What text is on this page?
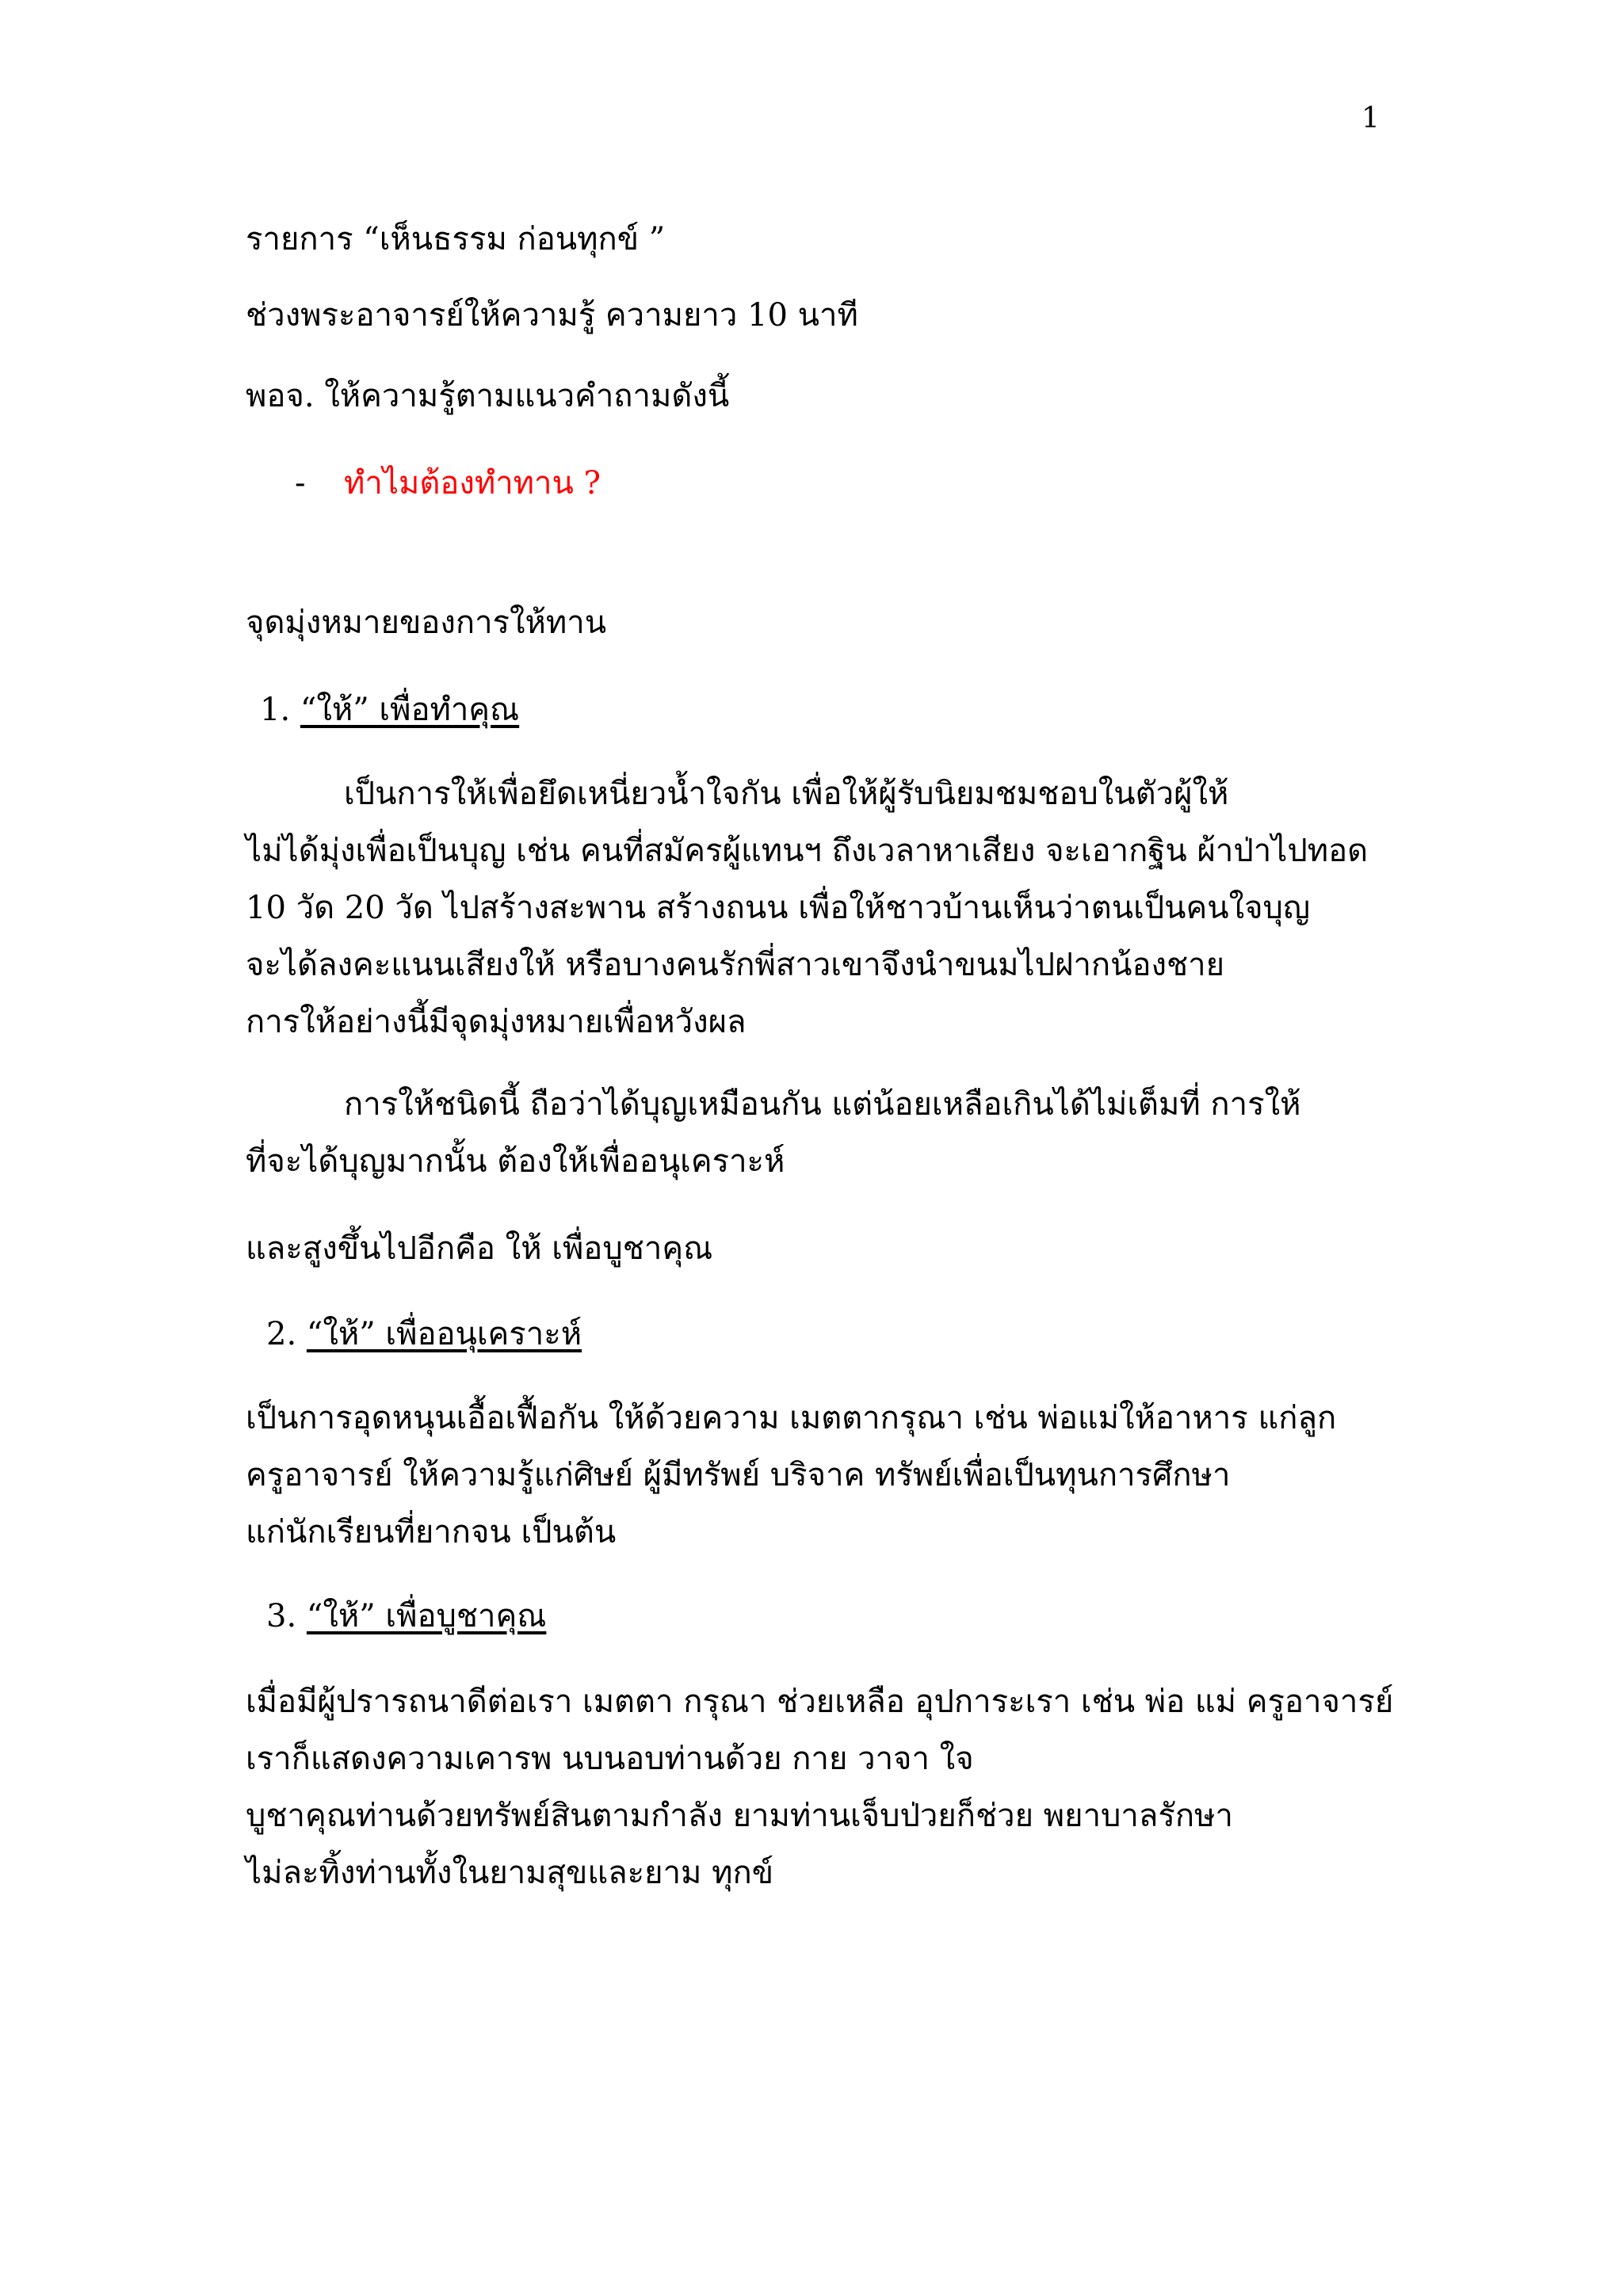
1
รายการ “เห็นธรรม ก่อนทุกข์ ”
ช่วงพระอาจารย์ให้ความรู้ ความยาว 10 นาที
พอจ. ให้ความรู้ตามแนวคำถามดังนี้
- ทำไมต้องทำทาน ?
จุดมุ่งหมายของการให้ทาน
1. “ให้” เพื่อทำคุณ
เป็นการให้เพื่อยึดเหนี่ยวน้ำใจกัน เพื่อให้ผู้รับนิยมชมชอบในตัวผู้ให้
ไม่ได้มุ่งเพื่อเป็นบุญ เช่น คนที่สมัครผู้แทนฯ ถึงเวลาหาเสียง จะเอากฐิน ผ้าป่าไปทอด
10 วัด 20 วัด ไปสร้างสะพาน สร้างถนน เพื่อให้ชาวบ้านเห็นว่าตนเป็นคนใจบุญ
จะได้ลงคะแนนเสียงให้ หรือบางคนรักพี่สาวเขาจึงนำขนมไปฝากน้องชาย
การให้อย่างนี้มีจุดมุ่งหมายเพื่อหวังผล
การให้ชนิดนี้ ถือว่าได้บุญเหมือนกัน แต่น้อยเหลือเกินได้ไม่เต็มที่ การให้
ที่จะได้บุญมากนั้น ต้องให้เพื่ออนุเคราะห์
และสูงขึ้นไปอีกคือ ให้ เพื่อบูชาคุณ
2. “ให้” เพื่ออนุเคราะห์
เป็นการอุดหนุนเอื้อเฟื้อกัน ให้ด้วยความ เมตตากรุณา เช่น พ่อแม่ให้อาหาร แก่ลูก
ครูอาจารย์ ให้ความรู้แก่ศิษย์ ผู้มีทรัพย์ บริจาค ทรัพย์เพื่อเป็นทุนการศึกษา
แก่นักเรียนที่ยากจน เป็นต้น
3. “ให้” เพื่อบูชาคุณ
เมื่อมีผู้ปรารถนาดีต่อเรา เมตตา กรุณา ช่วยเหลือ อุปการะเรา เช่น พ่อ แม่ ครูอาจารย์
เราก็แสดงความเคารพ นบนอบท่านด้วย กาย วาจา ใจ
บูชาคุณท่านด้วยทรัพย์สินตามกำลัง ยามท่านเจ็บป่วยก็ช่วย พยาบาลรักษา
ไม่ละทิ้งท่านทั้งในยามสุขและยาม ทุกข์
